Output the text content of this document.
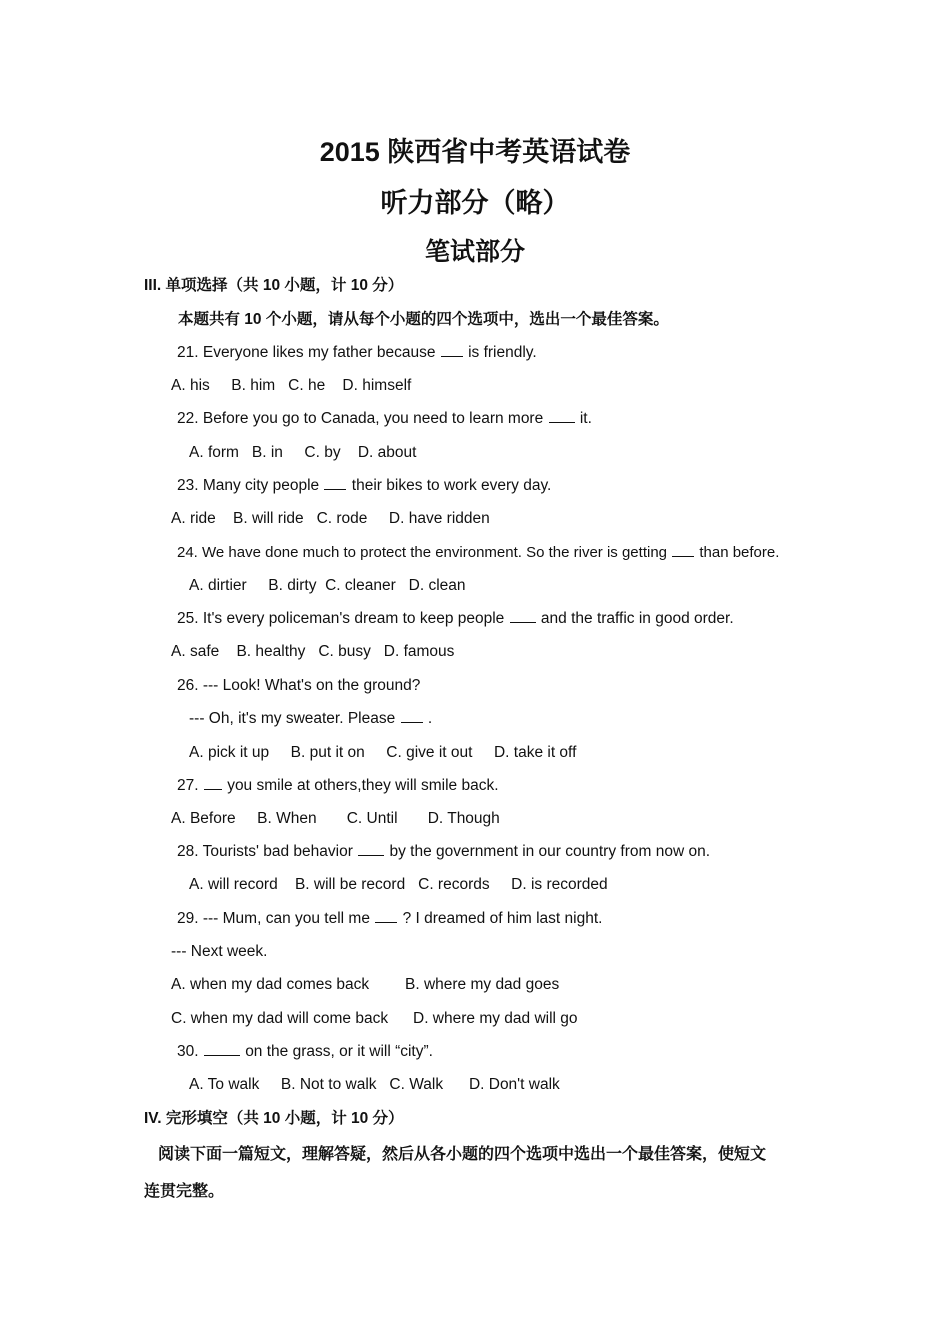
2015 陕西省中考英语试卷
听力部分（略）
笔试部分
III. 单项选择（共 10 小题，计 10 分）
本题共有 10 个小题，请从每个小题的四个选项中，选出一个最佳答案。
21. Everyone likes my father because is friendly.
A. his     B. him   C. he    D. himself
22. Before you go to Canada, you need to learn more it.
A. form   B. in     C. by    D. about
23. Many city people their bikes to work every day.
A. ride    B. will ride   C. rode     D. have ridden
24. We have done much to protect the environment. So the river is getting than before.
A. dirtier     B. dirty  C. cleaner   D. clean
25. It's every policeman's dream to keep people and the traffic in good order.
A. safe    B. healthy   C. busy   D. famous
26. --- Look! What's on the ground?
--- Oh, it's my sweater. Please .
A. pick it up     B. put it on     C. give it out     D. take it off
27. you smile at others,they will smile back.
A. Before     B. When       C. Until       D. Though
28. Tourists' bad behavior by the government in our country from now on.
A. will record    B. will be record   C. records     D. is recorded
29. --- Mum, can you tell me ? I dreamed of him last night.
--- Next week.
A. when my dad comes back B. where my dad goes
C. when my dad will come back D. where my dad will go
30.	on the grass, or it will “city”.
A. To walk     B. Not to walk   C. Walk      D. Don't walk
IV. 完形填空（共 10 小题，计 10 分）
阅读下面一篇短文，理解答疑，然后从各小题的四个选项中选出一个最佳答案，使短文
连贯完整。
